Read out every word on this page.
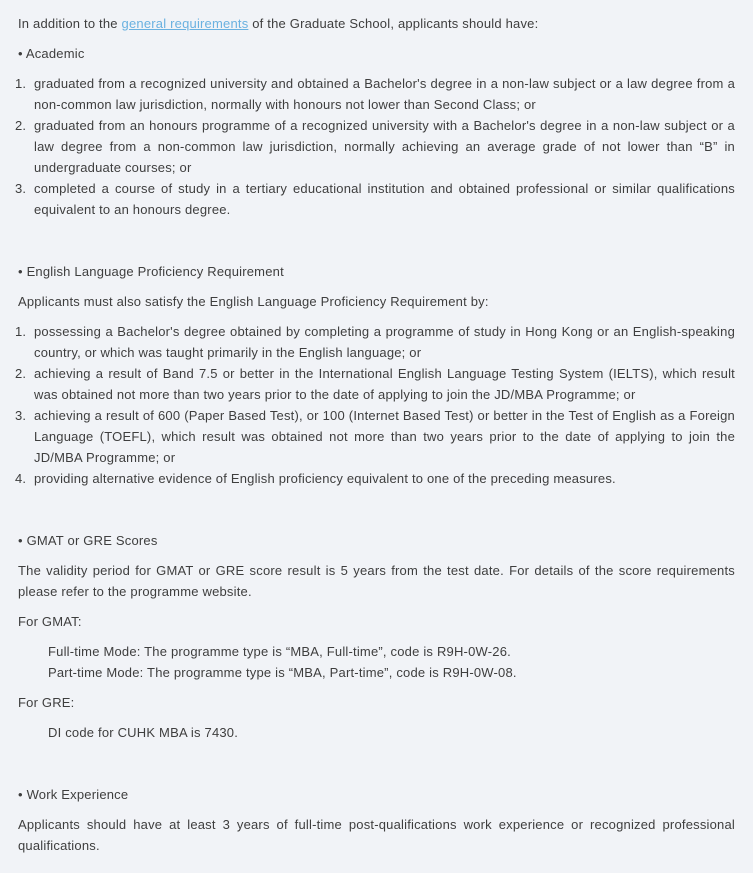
In addition to the general requirements of the Graduate School, applicants should have:

• Academic

1. graduated from a recognized university and obtained a Bachelor's degree in a non-law subject or a law degree from a non-common law jurisdiction, normally with honours not lower than Second Class; or
2. graduated from an honours programme of a recognized university with a Bachelor's degree in a non-law subject or a law degree from a non-common law jurisdiction, normally achieving an average grade of not lower than “B” in undergraduate courses; or
3. completed a course of study in a tertiary educational institution and obtained professional or similar qualifications equivalent to an honours degree.

• English Language Proficiency Requirement

Applicants must also satisfy the English Language Proficiency Requirement by:

1. possessing a Bachelor's degree obtained by completing a programme of study in Hong Kong or an English-speaking country, or which was taught primarily in the English language; or
2. achieving a result of Band 7.5 or better in the International English Language Testing System (IELTS), which result was obtained not more than two years prior to the date of applying to join the JD/MBA Programme; or
3. achieving a result of 600 (Paper Based Test), or 100 (Internet Based Test) or better in the Test of English as a Foreign Language (TOEFL), which result was obtained not more than two years prior to the date of applying to join the JD/MBA Programme; or
4. providing alternative evidence of English proficiency equivalent to one of the preceding measures.

• GMAT or GRE Scores

The validity period for GMAT or GRE score result is 5 years from the test date. For details of the score requirements please refer to the programme website.

For GMAT:

Full-time Mode: The programme type is “MBA, Full-time”, code is R9H-0W-26.
Part-time Mode: The programme type is “MBA, Part-time”, code is R9H-0W-08.

For GRE:

DI code for CUHK MBA is 7430.

• Work Experience

Applicants should have at least 3 years of full-time post-qualifications work experience or recognized professional qualifications.
